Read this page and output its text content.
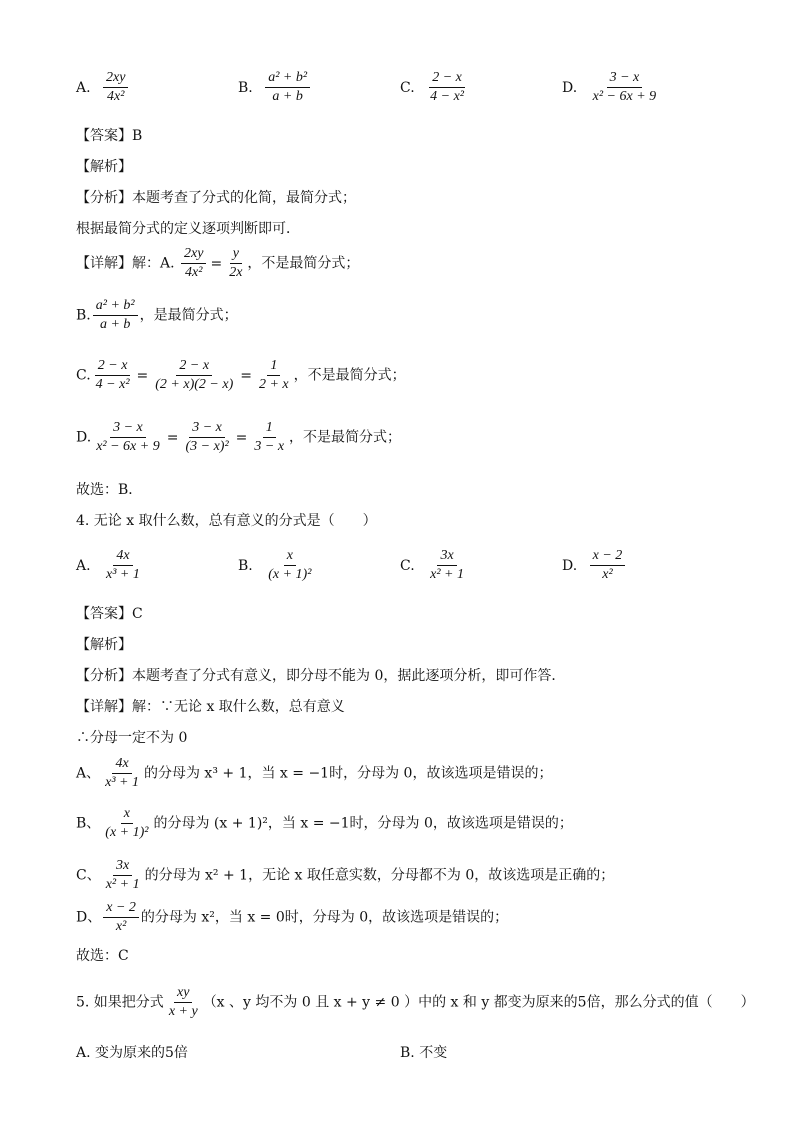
A. $\frac{2xy}{\text{4x²}}$	B. $\frac{\text{a² + b²}}{a + b}$	C. $\frac{2 - x}{\text{4 − x²}}$	D. $\frac{3 - x}{\text{x² − 6x + 9}}$
【答案】B
【解析】
【分析】本题考查了分式的化简，最简分式；
根据最简分式的定义逐项判断即可．
【详解】解：A. $\frac{2xy}{\text{4x²}} = \frac{y}{2x}$ ，不是最简分式；
B. $\frac{\text{a² + b²}}{a + b}$ ，是最简分式；
C. $\frac{2 - x}{\text{4 − x²}} = \frac{2 - x}{(2 + x)(2 - x)} = \frac{1}{2 + x}$ ，不是最简分式；
D. $\frac{3 - x}{\text{x² − 6x + 9}} = \frac{3 - x}{\text{(3 − x)²}} = \frac{1}{3 - x}$ ，不是最简分式；
故选：B．
4. 无论 x 取什么数，总有意义的分式是（　　）
A. $\frac{4x}{\text{x³ + 1}}$	B. $\frac{x}{\text{(x + 1)²}}$	C. $\frac{3x}{\text{x² + 1}}$	D. $\frac{x - 2}{\text{x²}}$
【答案】C
【解析】
【分析】本题考查了分式有意义，即分母不能为 0，据此逐项分析，即可作答．
【详解】解：∵无论 x 取什么数，总有意义
∴分母一定不为 0
A、 $\frac{4x}{\text{x³ + 1}}$ 的分母为 x³ + 1，当 x = −1时，分母为 0，故该选项是错误的；
B、 $\frac{x}{\text{(x + 1)²}}$ 的分母为 (x + 1)²，当 x = −1时，分母为 0，故该选项是错误的；
C、 $\frac{3x}{\text{x² + 1}}$ 的分母为 x² + 1，无论 x 取任意实数，分母都不为 0，故该选项是正确的；
D、 $\frac{x - 2}{\text{x²}}$ 的分母为 x²，当 x = 0时，分母为 0，故该选项是错误的；
故选：C
5. 如果把分式 $\frac{xy}{x + y} (x$ 、y 均不为 0 且 x + y ≠ 0 ）中的 x 和 y 都变为原来的5倍，那么分式的值（　　）
A. 变为原来的5倍	B. 不变
